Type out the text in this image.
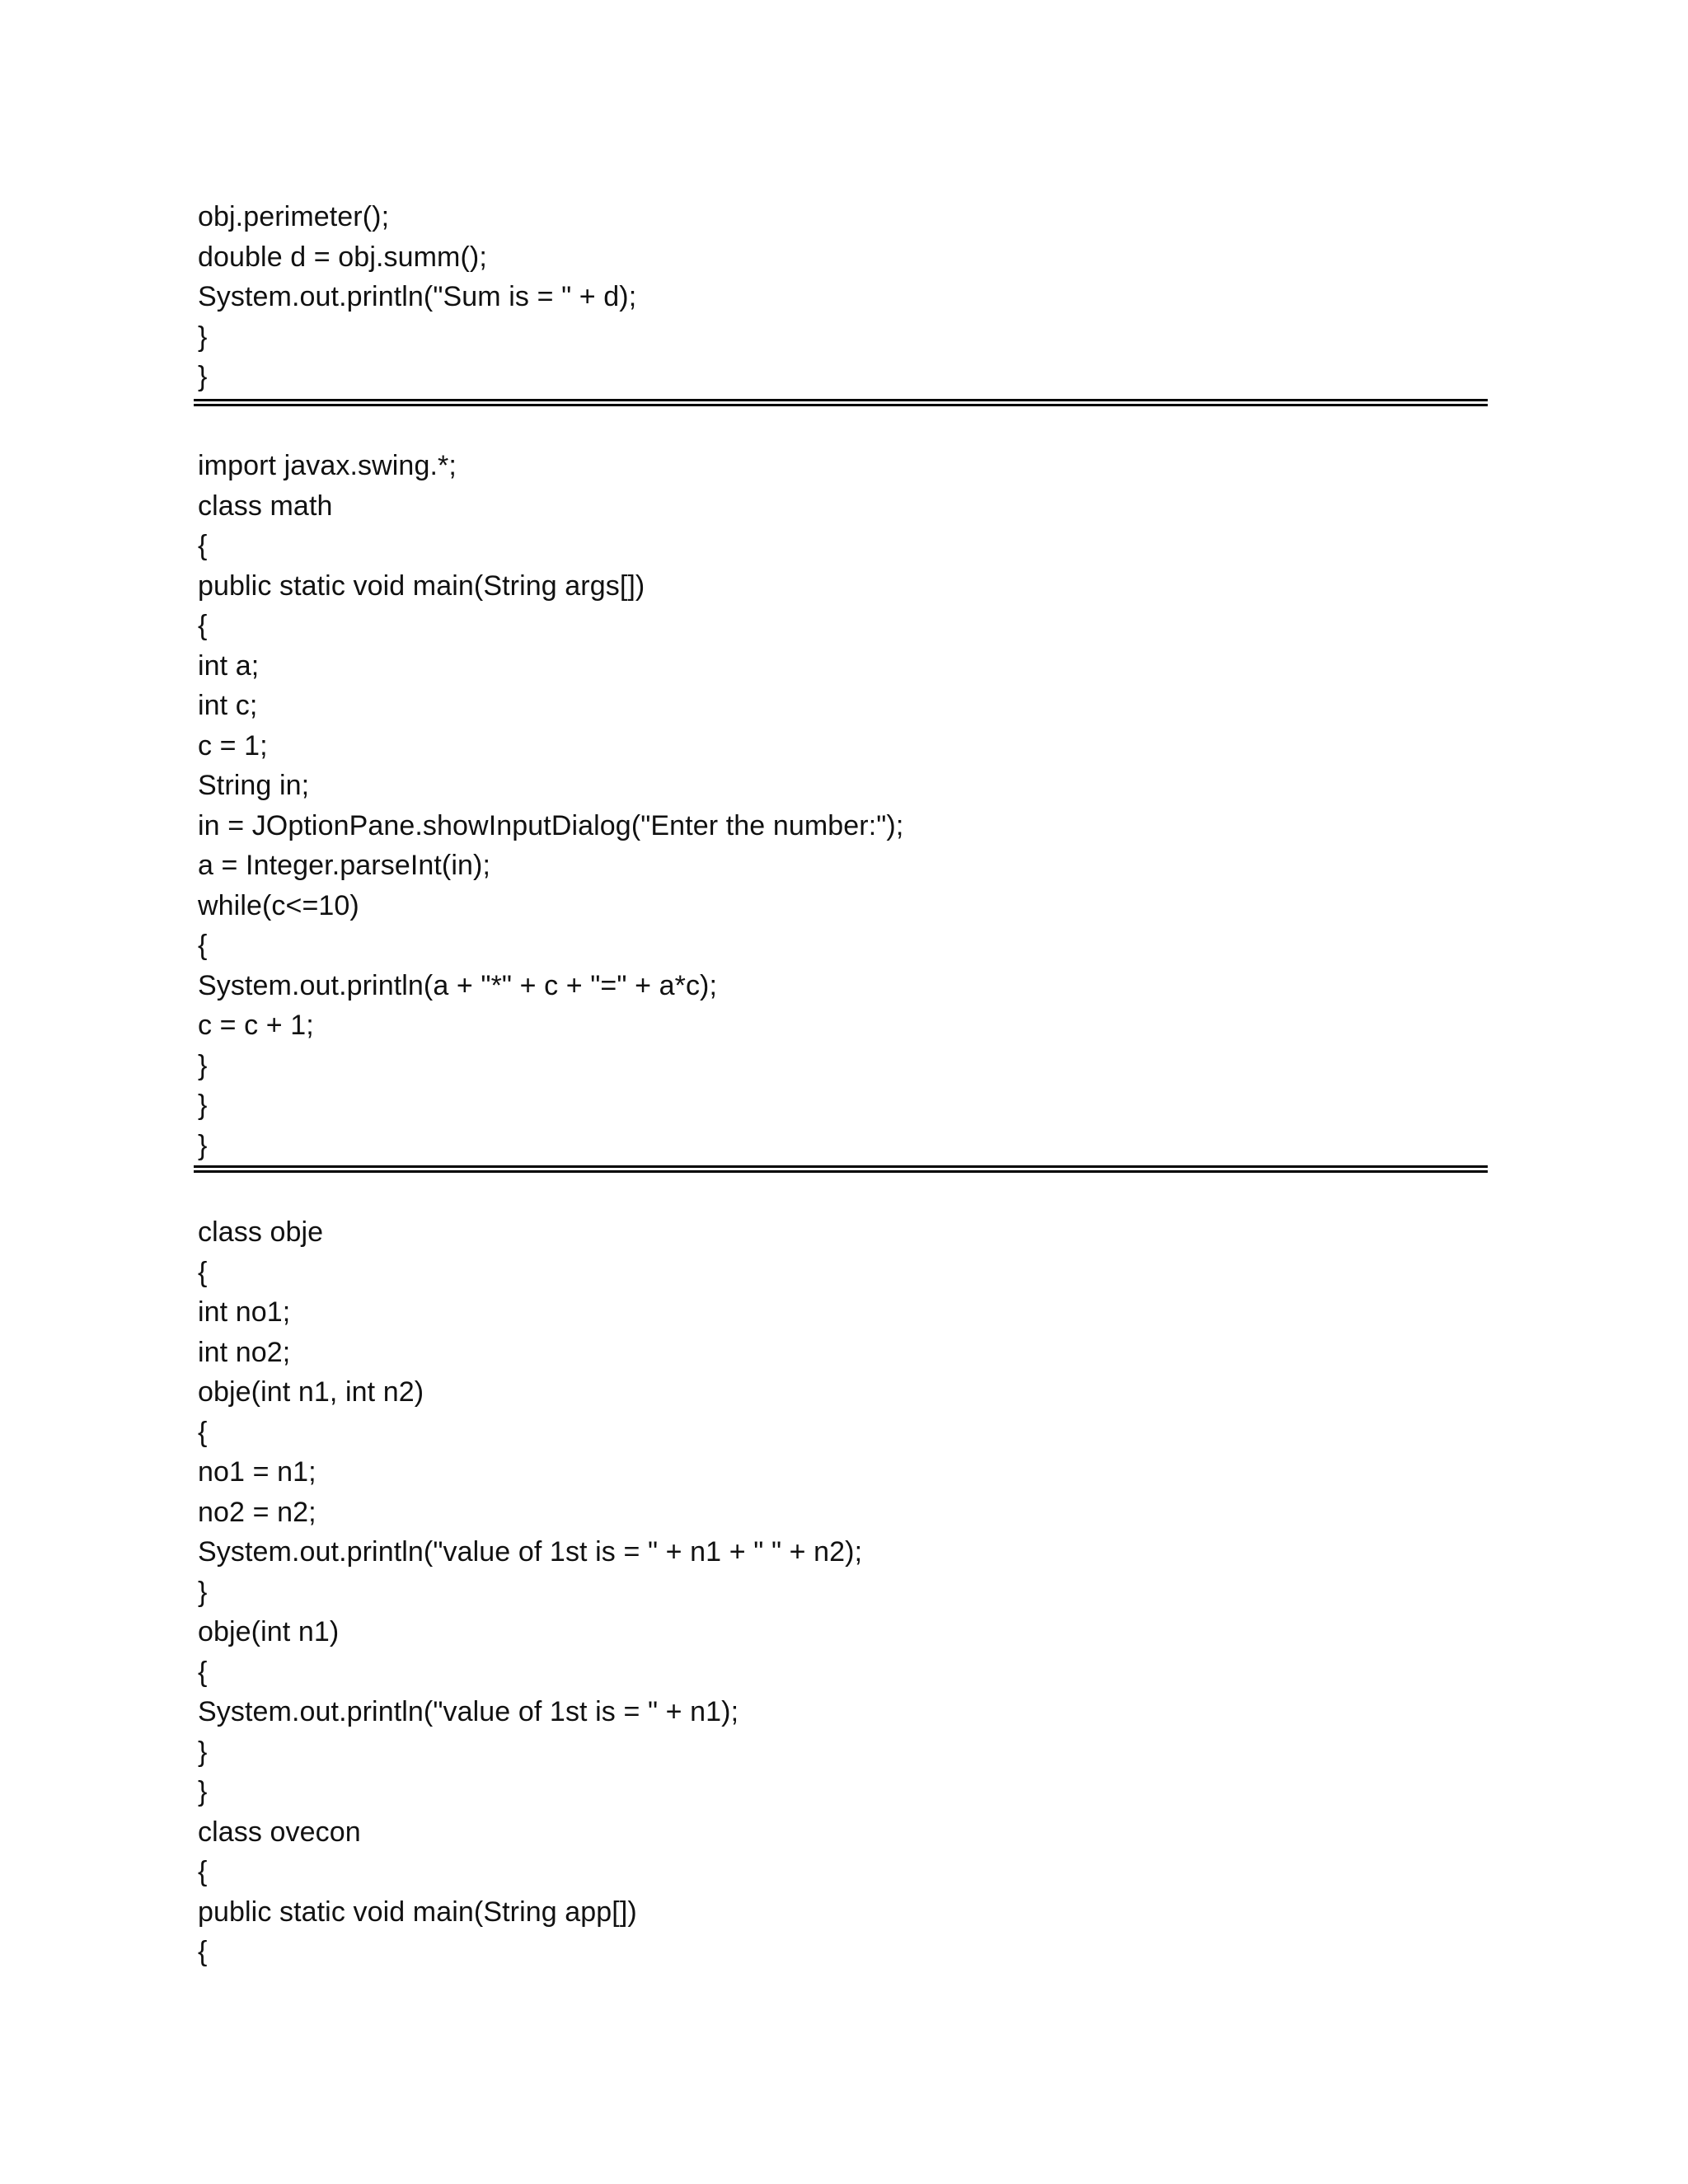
obj.perimeter();
double d = obj.summ();
System.out.println("Sum is = " + d);
}
}
import javax.swing.*;
class math
{
public static void main(String args[])
{
int a;
int c;
c = 1;
String in;
in = JOptionPane.showInputDialog("Enter the number:");
a = Integer.parseInt(in);
while(c<=10)
{
System.out.println(a + "*" + c + "=" + a*c);
c = c + 1;
}
}
}
class obje
{
int no1;
int no2;
obje(int n1, int n2)
{
no1 = n1;
no2 = n2;
System.out.println("value of 1st is = " + n1 + " " + n2);
}
obje(int n1)
{
System.out.println("value of 1st is = " + n1);
}
}
class ovecon
{
public static void main(String app[])
{
